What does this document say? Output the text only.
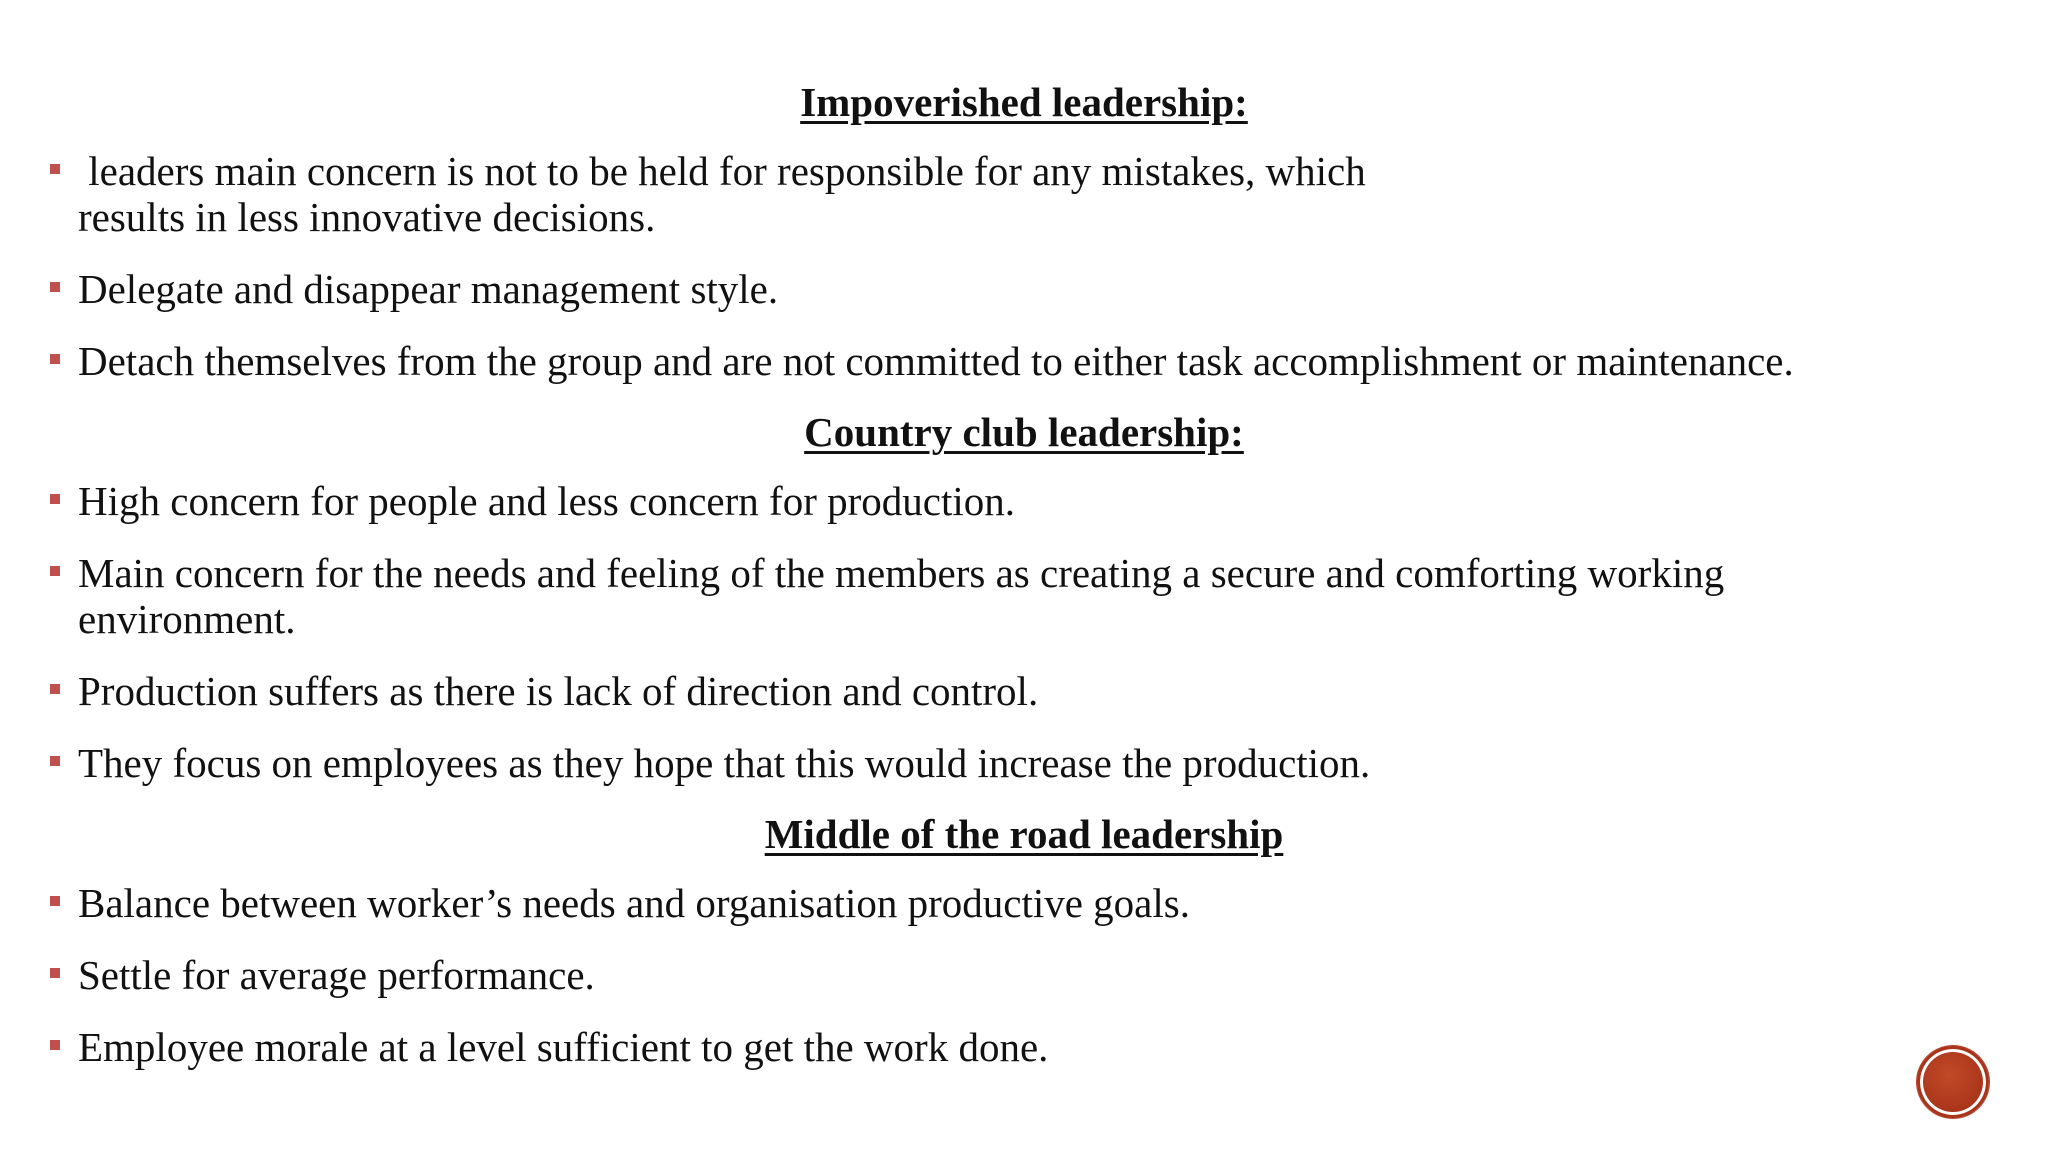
Impoverished leadership:
leaders main concern is not to be held for responsible for any mistakes, which results in less innovative decisions.
Delegate and disappear management style.
Detach themselves from the group and are not committed to either task accomplishment or maintenance.
Country club leadership:
High concern for people and less concern for production.
Main concern for the needs and feeling of the members as creating a secure and comforting working environment.
Production suffers as there is lack of direction and control.
They focus on employees as they hope that this would increase the production.
Middle of the road leadership
Balance between worker’s needs and organisation productive goals.
Settle for average performance.
Employee morale at a level sufficient to get the work done.
